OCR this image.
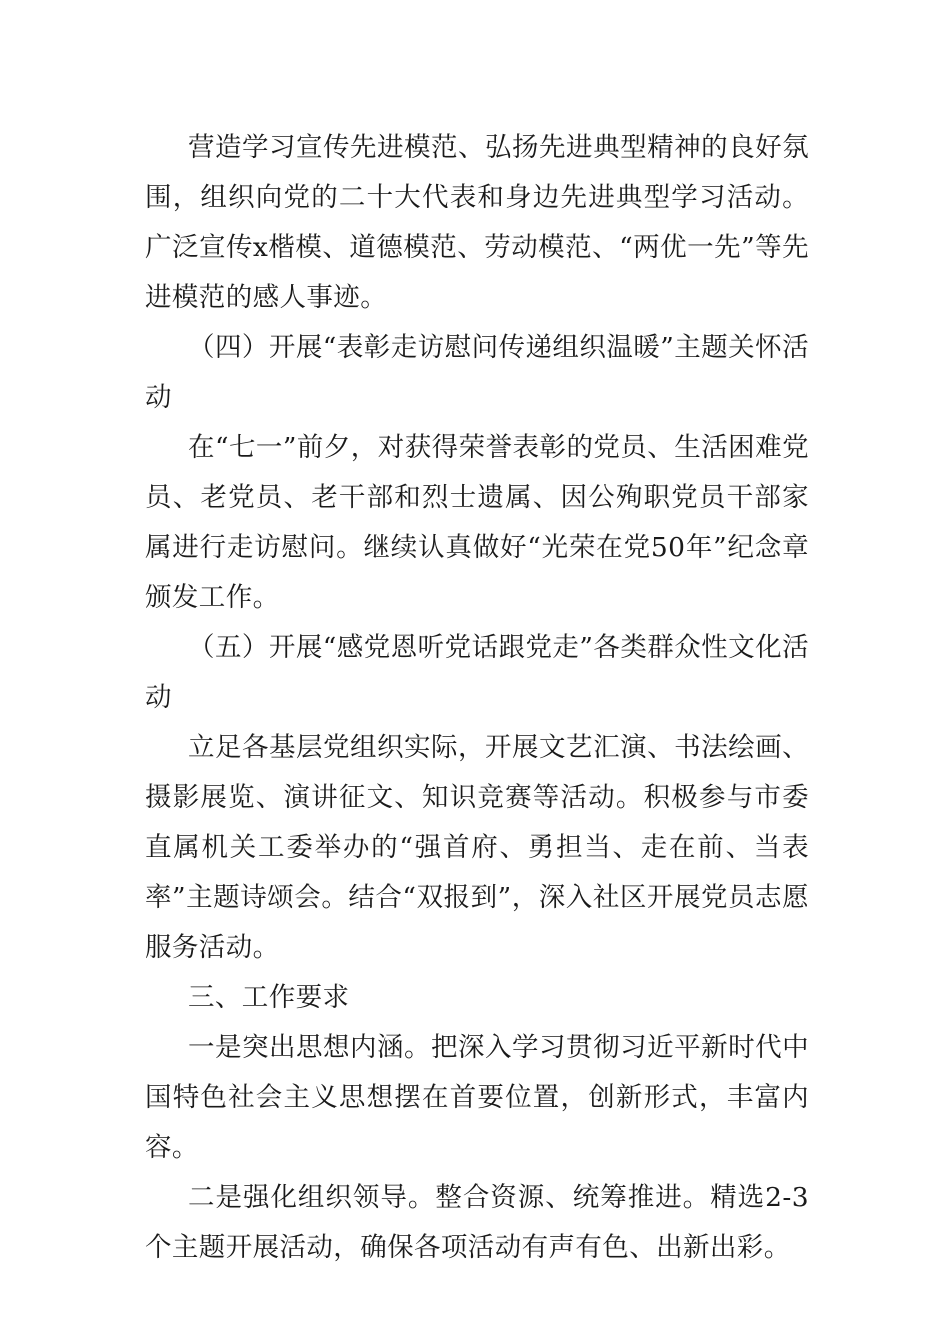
营造学习宣传先进模范、弘扬先进典型精神的良好氛围，组织向党的二十大代表和身边先进典型学习活动。广泛宣传x楷模、道德模范、劳动模范、“两优一先”等先进模范的感人事迹。

（四）开展“表彰走访慰问传递组织温暖”主题关怀活动

在“七一”前夕，对获得荣誉表彰的党员、生活困难党员、老党员、老干部和烈士遗属、因公殉职党员干部家属进行走访慰问。继续认真做好“光荣在党50年”纪念章颁发工作。

（五）开展“感党恩听党话跟党走”各类群众性文化活动

立足各基层党组织实际，开展文艺汇演、书法绘画、摄影展览、演讲征文、知识竞赛等活动。积极参与市委直属机关工委举办的“强首府、勇担当、走在前、当表率”主题诗颂会。结合“双报到”，深入社区开展党员志愿服务活动。

三、工作要求

一是突出思想内涵。把深入学习贯彻习近平新时代中国特色社会主义思想摆在首要位置，创新形式，丰富内容。

二是强化组织领导。整合资源、统筹推进。精选2-3个主题开展活动，确保各项活动有声有色、出新出彩。
